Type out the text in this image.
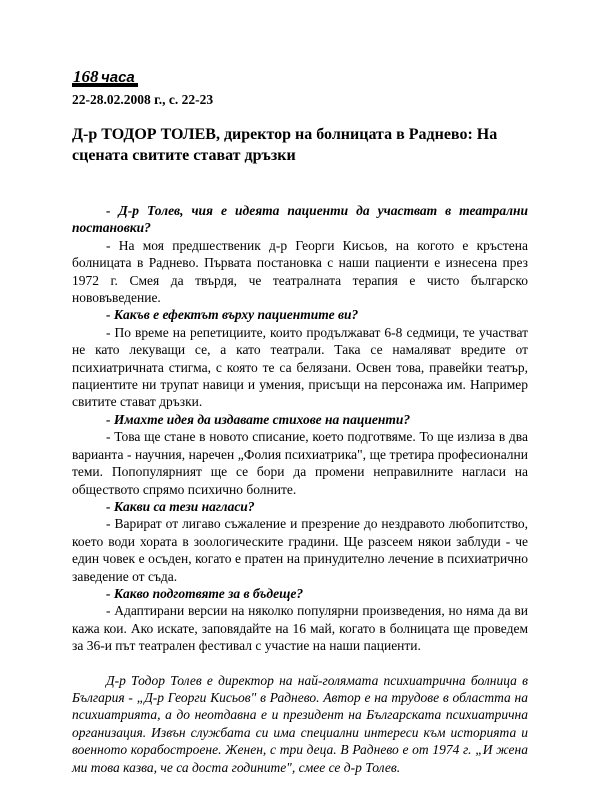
168 часа
22-28.02.2008 г., с. 22-23
Д-р ТОДОР ТОЛЕВ, директор на болницата в Раднево: На сцената свитите стават дръзки

- Д-р Толев, чия е идеята пациенти да участват в театрални постановки?

- На моя предшественик д-р Георги Кисьов, на когото е кръстена болницата в Раднево. Първата постановка с наши пациенти е изнесена през 1972 г. Смея да твърдя, че театралната терапия е чисто българско нововъведение.

- Какъв е ефектът върху пациентите ви?

- По време на репетициите, които продължават 6-8 седмици, те участват не като лекуващи се, а като театрали. Така се намаляват вредите от психиатричната стигма, с която те са белязани. Освен това, правейки театър, пациентите ни трупат навици и умения, присъщи на персонажа им. Например свитите стават дръзки.

- Имахте идея да издавате стихове на пациенти?

- Това ще стане в новото списание, което подготвяме. То ще излиза в два варианта - научния, наречен „Фолия психиатрика", ще третира професионални теми. Попопулярният ще се бори да промени неправилните нагласи на обществото спрямо психично болните.

- Какви са тези нагласи?

- Варират от лигаво съжаление и презрение до нездравото любопитство, което води хората в зоологическите градини. Ще разсеем някои заблуди - че един човек е осъден, когато е пратен на принудително лечение в психиатрично заведение от съда.

- Какво подготвяте за в бъдеще?

- Адаптирани версии на няколко популярни произведения, но няма да ви кажа кои. Ако искате, заповядайте на 16 май, когато в болницата ще проведем за 36-и път театрален фестивал с участие на наши пациенти.

Д-р Тодор Толев е директор на най-голямата психиатрична болница в България - „Д-р Георги Кисьов" в Раднево. Автор е на трудове в областта на психиатрията, а до неотдавна е и президент на Българската психиатрична организация. Извън службата си има специални интереси към историята и военното корабостроене. Женен, с три деца. В Раднево е от 1974 г. „И жена ми това казва, че са доста годините", смее се д-р Толев.
